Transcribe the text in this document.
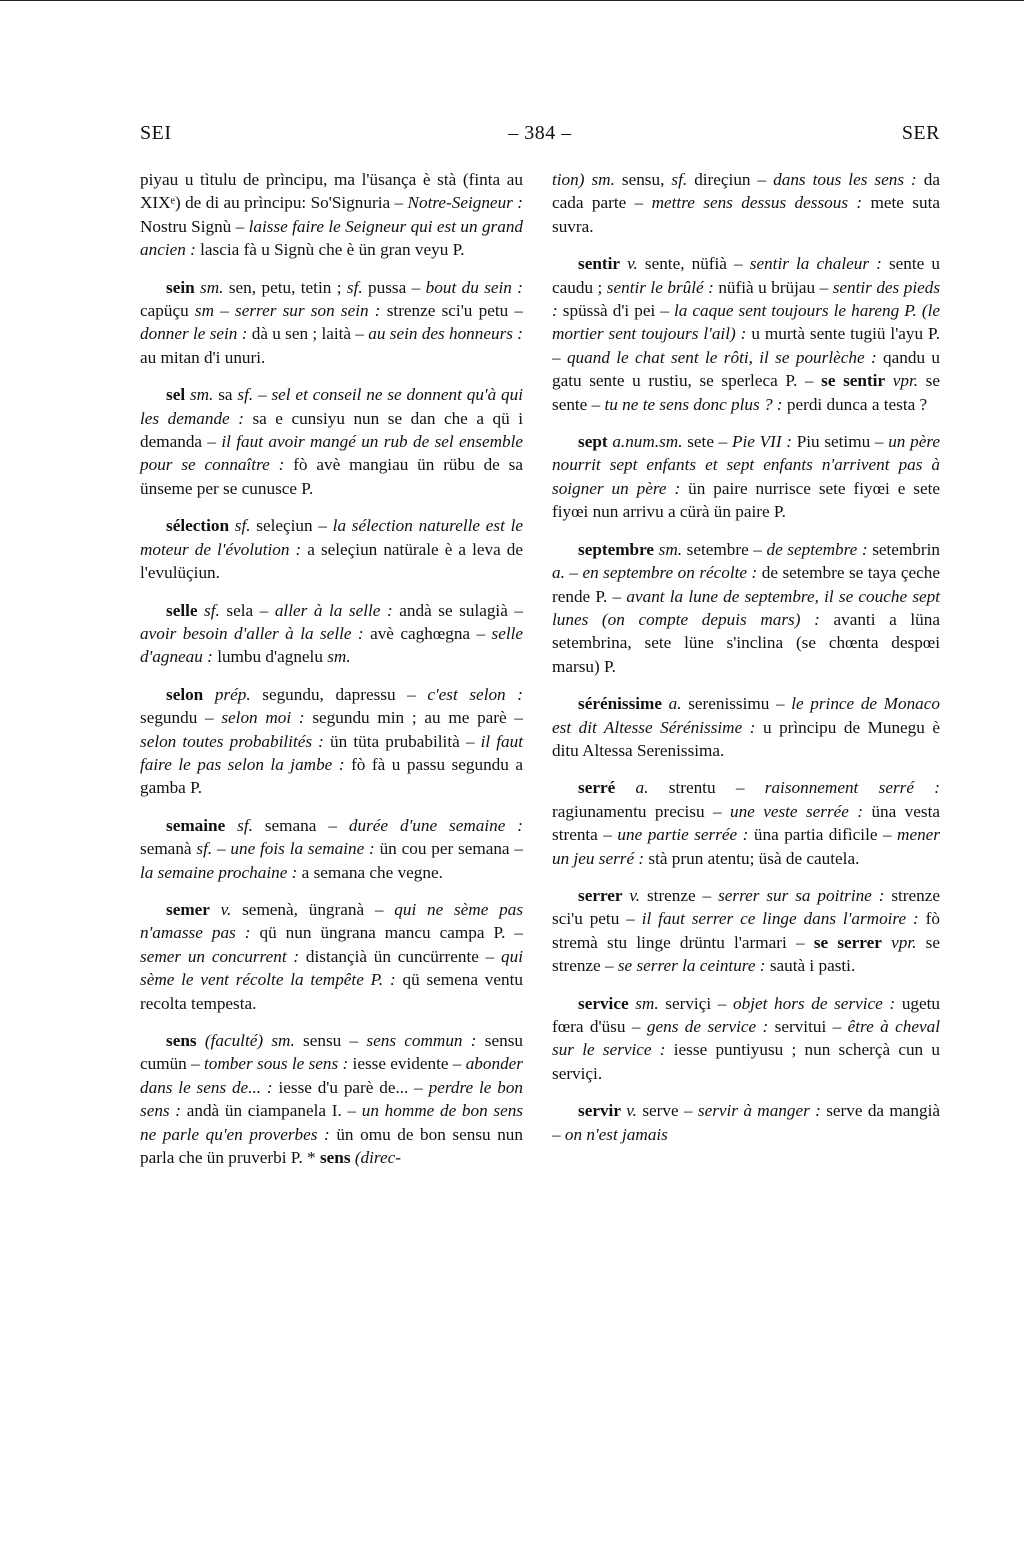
SEI	– 384 –	SER

piyau u tìtulu de prìncipu, ma l'üsança è stà (finta au XIXᵉ) de di au prìncipu: So'Signuria – Notre-Seigneur : Nostru Signù – laisse faire le Seigneur qui est un grand ancien : lascia fà u Signù che è ün gran veyu P.

sein sm. sen, petu, tetin ; sf. pussa – bout du sein : capüçu sm – serrer sur son sein : strenze sci'u petu – donner le sein : dà u sen ; laità – au sein des honneurs : au mitan d'i unuri.

sel sm. sa sf. – sel et conseil ne se donnent qu'à qui les demande : sa e cunsiyu nun se dan che a qü i demanda – il faut avoir mangé un rub de sel ensemble pour se connaître : fò avè mangiau ün rübu de sa ünseme per se cunusce P.

sélection sf. seleçiun – la sélection naturelle est le moteur de l'évolution : a seleçiun natürale è a leva de l'evulüçiun.

selle sf. sela – aller à la selle : andà se sulagià – avoir besoin d'aller à la selle : avè caghœgna – selle d'agneau : lumbu d'agnelu sm.

selon prép. segundu, dapressu – c'est selon : segundu – selon moi : segundu min ; au me parè – selon toutes probabilités : ün tüta prubabilità – il faut faire le pas selon la jambe : fò fà u passu segundu a gamba P.

semaine sf. semana – durée d'une semaine : semanà sf. – une fois la semaine : ün cou per semana – la semaine prochaine : a semana che vegne.

semer v. semenà, üngranà – qui ne sème pas n'amasse pas : qü nun üngrana mancu campa P. – semer un concurrent : distançià ün cuncürrente – qui sème le vent récolte la tempête P. : qü semena ventu recolta tempesta.

sens (faculté) sm. sensu – sens commun : sensu cumün – tomber sous le sens : iesse evidente – abonder dans le sens de... : iesse d'u parè de... – perdre le bon sens : andà ün ciampanela I. – un homme de bon sens ne parle qu'en proverbes : ün omu de bon sensu nun parla che ün pruverbi P. * sens (direc-

tion) sm. sensu, sf. direçiun – dans tous les sens : da cada parte – mettre sens dessus dessous : mete suta suvra.

sentir v. sente, nüfià – sentir la chaleur : sente u caudu ; sentir le brûlé : nüfià u brüjau – sentir des pieds : spüssà d'i pei – la caque sent toujours le hareng P. (le mortier sent toujours l'ail) : u murtà sente tugiü l'ayu P. – quand le chat sent le rôti, il se pourlèche : qandu u gatu sente u rustiu, se sperleca P. – se sentir vpr. se sente – tu ne te sens donc plus ? : perdi dunca a testa ?

sept a.num.sm. sete – Pie VII : Piu setimu – un père nourrit sept enfants et sept enfants n'arrivent pas à soigner un père : ün paire nurrisce sete fiyœi e sete fiyœi nun arrivu a cürà ün paire P.

septembre sm. setembre – de septembre : setembrin a. – en septembre on récolte : de setembre se taya çeche rende P. – avant la lune de septembre, il se couche sept lunes (on compte depuis mars) : avanti a lüna setembrina, sete lüne s'inclina (se chœnta despœi marsu) P.

sérénissime a. serenissimu – le prince de Monaco est dit Altesse Sérénissime : u prìncipu de Munegu è ditu Altessa Serenissima.

serré a. strentu – raisonnement serré : ragiunamentu precisu – une veste serrée : üna vesta strenta – une partie serrée : üna partia difìcile – mener un jeu serré : stà prun atentu; üsà de cautela.

serrer v. strenze – serrer sur sa poitrine : strenze sci'u petu – il faut serrer ce linge dans l'armoire : fò stremà stu linge drüntu l'armari – se serrer vpr. se strenze – se serrer la ceinture : sautà i pasti.

service sm. serviçi – objet hors de service : ugetu fœra d'üsu – gens de service : servitui – être à cheval sur le service : iesse puntiyusu ; nun scherçà cun u serviçi.

servir v. serve – servir à manger : serve da mangià – on n'est jamais
